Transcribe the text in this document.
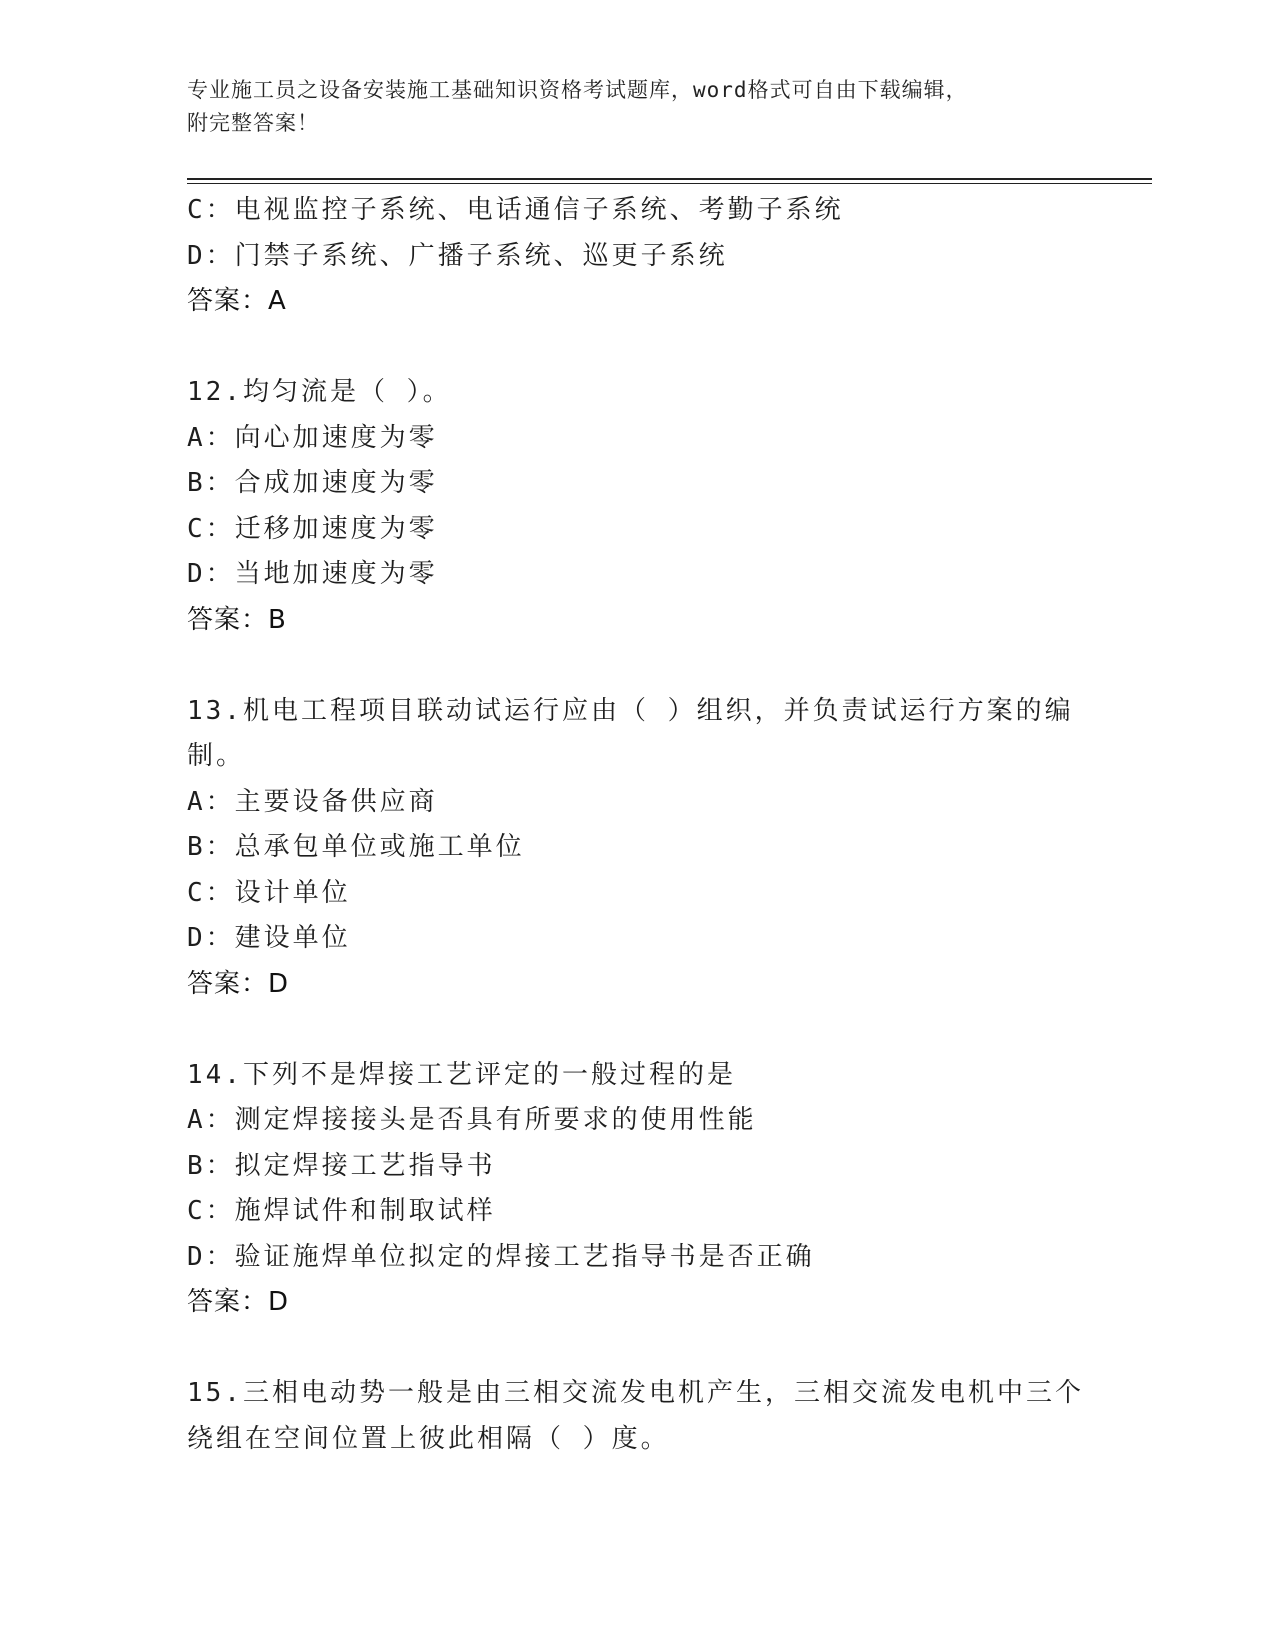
专业施工员之设备安装施工基础知识资格考试题库，word格式可自由下载编辑，
附完整答案！
C：电视监控子系统、电话通信子系统、考勤子系统
D：门禁子系统、广播子系统、巡更子系统
答案：A
12.均匀流是（ ）。
A：向心加速度为零
B：合成加速度为零
C：迁移加速度为零
D：当地加速度为零
答案：B
13.机电工程项目联动试运行应由（ ）组织，并负责试运行方案的编
制。
A：主要设备供应商
B：总承包单位或施工单位
C：设计单位
D：建设单位
答案：D
14.下列不是焊接工艺评定的一般过程的是
A：测定焊接接头是否具有所要求的使用性能
B：拟定焊接工艺指导书
C：施焊试件和制取试样
D：验证施焊单位拟定的焊接工艺指导书是否正确
答案：D
15.三相电动势一般是由三相交流发电机产生，三相交流发电机中三个
绕组在空间位置上彼此相隔（ ）度。
